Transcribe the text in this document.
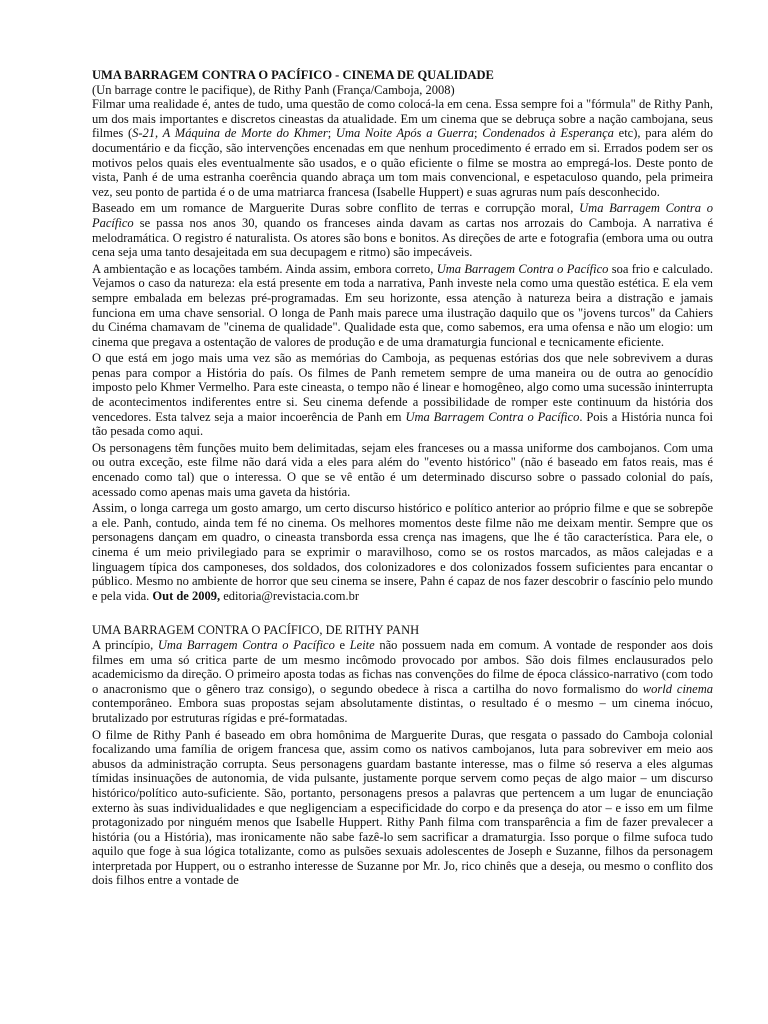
UMA BARRAGEM CONTRA O PACÍFICO - CINEMA DE QUALIDADE
(Un barrage contre le pacifique), de Rithy Panh (França/Camboja, 2008)

Filmar uma realidade é, antes de tudo, uma questão de como colocá-la em cena. Essa sempre foi a "fórmula" de Rithy Panh, um dos mais importantes e discretos cineastas da atualidade. Em um cinema que se debruça sobre a nação cambojana, seus filmes (S-21, A Máquina de Morte do Khmer; Uma Noite Após a Guerra; Condenados à Esperança etc), para além do documentário e da ficção, são intervenções encenadas em que nenhum procedimento é errado em si. Errados podem ser os motivos pelos quais eles eventualmente são usados, e o quão eficiente o filme se mostra ao empregá-los. Deste ponto de vista, Panh é de uma estranha coerência quando abraça um tom mais convencional, e espetaculoso quando, pela primeira vez, seu ponto de partida é o de uma matriarca francesa (Isabelle Huppert) e suas agruras num país desconhecido.

Baseado em um romance de Marguerite Duras sobre conflito de terras e corrupção moral, Uma Barragem Contra o Pacífico se passa nos anos 30, quando os franceses ainda davam as cartas nos arrozais do Camboja. A narrativa é melodramática. O registro é naturalista. Os atores são bons e bonitos. As direções de arte e fotografia (embora uma ou outra cena seja uma tanto desajeitada em sua decupagem e ritmo) são impecáveis.

A ambientação e as locações também. Ainda assim, embora correto, Uma Barragem Contra o Pacífico soa frio e calculado. Vejamos o caso da natureza: ela está presente em toda a narrativa, Panh investe nela como uma questão estética. E ela vem sempre embalada em belezas pré-programadas. Em seu horizonte, essa atenção à natureza beira a distração e jamais funciona em uma chave sensorial. O longa de Panh mais parece uma ilustração daquilo que os "jovens turcos" da Cahiers du Cinéma chamavam de "cinema de qualidade". Qualidade esta que, como sabemos, era uma ofensa e não um elogio: um cinema que pregava a ostentação de valores de produção e de uma dramaturgia funcional e tecnicamente eficiente.

O que está em jogo mais uma vez são as memórias do Camboja, as pequenas estórias dos que nele sobrevivem a duras penas para compor a História do país. Os filmes de Panh remetem sempre de uma maneira ou de outra ao genocídio imposto pelo Khmer Vermelho. Para este cineasta, o tempo não é linear e homogêneo, algo como uma sucessão ininterrupta de acontecimentos indiferentes entre si. Seu cinema defende a possibilidade de romper este continuum da história dos vencedores. Esta talvez seja a maior incoerência de Panh em Uma Barragem Contra o Pacífico. Pois a História nunca foi tão pesada como aqui.

Os personagens têm funções muito bem delimitadas, sejam eles franceses ou a massa uniforme dos cambojanos. Com uma ou outra exceção, este filme não dará vida a eles para além do "evento histórico" (não é baseado em fatos reais, mas é encenado como tal) que o interessa. O que se vê então é um determinado discurso sobre o passado colonial do país, acessado como apenas mais uma gaveta da história.

Assim, o longa carrega um gosto amargo, um certo discurso histórico e político anterior ao próprio filme e que se sobrepõe a ele. Panh, contudo, ainda tem fé no cinema. Os melhores momentos deste filme não me deixam mentir. Sempre que os personagens dançam em quadro, o cineasta transborda essa crença nas imagens, que lhe é tão característica. Para ele, o cinema é um meio privilegiado para se exprimir o maravilhoso, como se os rostos marcados, as mãos calejadas e a linguagem típica dos camponeses, dos soldados, dos colonizadores e dos colonizados fossem suficientes para encantar o público. Mesmo no ambiente de horror que seu cinema se insere, Pahn é capaz de nos fazer descobrir o fascínio pelo mundo e pela vida. Out de 2009, editoria@revistacia.com.br

UMA BARRAGEM CONTRA O PACÍFICO, DE RITHY PANH

A princípio, Uma Barragem Contra o Pacífico e Leite não possuem nada em comum. A vontade de responder aos dois filmes em uma só critica parte de um mesmo incômodo provocado por ambos. São dois filmes enclausurados pelo academicismo da direção. O primeiro aposta todas as fichas nas convenções do filme de época clássico-narrativo (com todo o anacronismo que o gênero traz consigo), o segundo obedece à risca a cartilha do novo formalismo do world cinema contemporâneo. Embora suas propostas sejam absolutamente distintas, o resultado é o mesmo – um cinema inócuo, brutalizado por estruturas rígidas e pré-formatadas.

O filme de Rithy Panh é baseado em obra homônima de Marguerite Duras, que resgata o passado do Camboja colonial focalizando uma família de origem francesa que, assim como os nativos cambojanos, luta para sobreviver em meio aos abusos da administração corrupta. Seus personagens guardam bastante interesse, mas o filme só reserva a eles algumas tímidas insinuações de autonomia, de vida pulsante, justamente porque servem como peças de algo maior – um discurso histórico/político auto-suficiente. São, portanto, personagens presos a palavras que pertencem a um lugar de enunciação externo às suas individualidades e que negligenciam a especificidade do corpo e da presença do ator – e isso em um filme protagonizado por ninguém menos que Isabelle Huppert. Rithy Panh filma com transparência a fim de fazer prevalecer a história (ou a História), mas ironicamente não sabe fazê-lo sem sacrificar a dramaturgia. Isso porque o filme sufoca tudo aquilo que foge à sua lógica totalizante, como as pulsões sexuais adolescentes de Joseph e Suzanne, filhos da personagem interpretada por Huppert, ou o estranho interesse de Suzanne por Mr. Jo, rico chinês que a deseja, ou mesmo o conflito dos dois filhos entre a vontade de
